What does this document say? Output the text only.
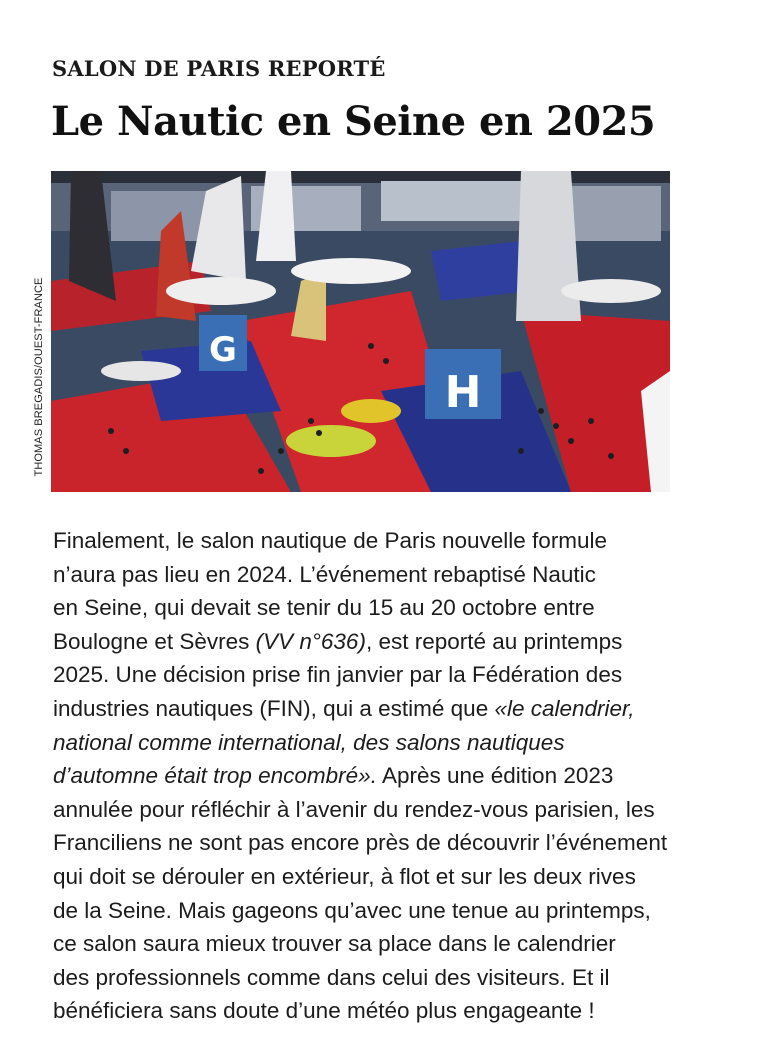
SALON DE PARIS REPORTÉ
Le Nautic en Seine en 2025
THOMAS BREGADIS/OUEST-FRANCE	G
H
Finalement, le salon nautique de Paris nouvelle formule
n’aura pas lieu en 2024. L’événement rebaptisé Nautic
en Seine, qui devait se tenir du 15 au 20 octobre entre
Boulogne et Sèvres (VV n°636), est reporté au printemps
2025. Une décision prise fin janvier par la Fédération des
industries nautiques (FIN), qui a estimé que «le calendrier,
national comme international, des salons nautiques
d’automne était trop encombré». Après une édition 2023
annulée pour réfléchir à l’avenir du rendez-vous parisien, les
Franciliens ne sont pas encore près de découvrir l’événement
qui doit se dérouler en extérieur, à flot et sur les deux rives
de la Seine. Mais gageons qu’avec une tenue au printemps,
ce salon saura mieux trouver sa place dans le calendrier
des professionnels comme dans celui des visiteurs. Et il
bénéficiera sans doute d’une météo plus engageante !
